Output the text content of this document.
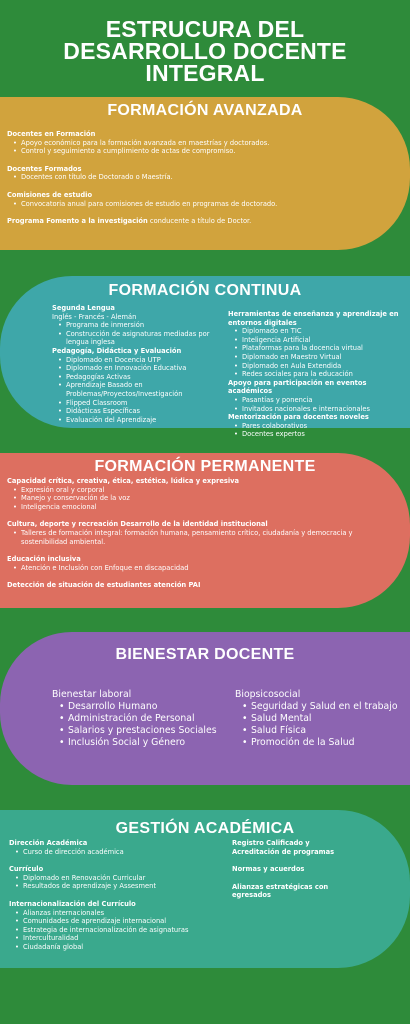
ESTRUCURA DEL
DESARROLLO DOCENTE
INTEGRAL
FORMACIÓN AVANZADA
Docentes en Formación
• Apoyo económico para la formación avanzada en maestrías y doctorados.
• Control y seguimiento a cumplimiento de actas de compromiso.
Docentes Formados
• Docentes con título de Doctorado o Maestría.
Comisiones de estudio
• Convocatoria anual para comisiones de estudio en programas de doctorado.
Programa Fomento a la investigación conducente a título de Doctor.
FORMACIÓN CONTINUA
Segunda Lengua
Inglés - Francés - Alemán
• Programa de inmersión
• Construcción de asignaturas mediadas por lengua inglesa
Pedagogía, Didáctica y Evaluación
• Diplomado en Docencia UTP
• Diplomado en Innovación Educativa
• Pedagogías Activas
• Aprendizaje Basado en Problemas/Proyectos/Investigación
• Flipped Classroom
• Didácticas Específicas
• Evaluación del Aprendizaje
Herramientas de enseñanza y aprendizaje en entornos digitales
• Diplomado en TIC
• Inteligencia Artificial
• Plataformas para la docencia virtual
• Diplomado en Maestro Virtual
• Diplomado en Aula Extendida
• Redes sociales para la educación
Apoyo para participación en eventos académicos
• Pasantías y ponencia
• Invitados nacionales e internacionales
Mentorización para docentes noveles
• Pares colaborativos
• Docentes expertos
FORMACIÓN PERMANENTE
Capacidad crítica, creativa, ética, estética, lúdica y expresiva
• Expresión oral y corporal
• Manejo y conservación de la voz
• Inteligencia emocional
Cultura, deporte y recreación Desarrollo de la identidad institucional
• Talleres de formación integral: formación humana, pensamiento crítico, ciudadanía y democracia y sostenibilidad ambiental.
Educación inclusiva
• Atención e Inclusión con Enfoque en discapacidad
Detección de situación de estudiantes atención PAI
BIENESTAR DOCENTE
Bienestar laboral
• Desarrollo Humano
• Administración de Personal
• Salarios y prestaciones Sociales
• Inclusión Social y Género
Biopsicosocial
• Seguridad y Salud en el trabajo
• Salud Mental
• Salud Física
• Promoción de la Salud
GESTIÓN ACADÉMICA
Dirección Académica
• Curso de dirección académica
Currículo
• Diplomado en Renovación Curricular
• Resultados de aprendizaje y Assesment
Internacionalización del Currículo
• Alianzas internacionales
• Comunidades de aprendizaje internacional
• Estrategia de internacionalización de asignaturas
• Interculturalidad
• Ciudadanía global
Registro Calificado y Acreditación de programas
Normas y acuerdos
Alianzas estratégicas con egresados
